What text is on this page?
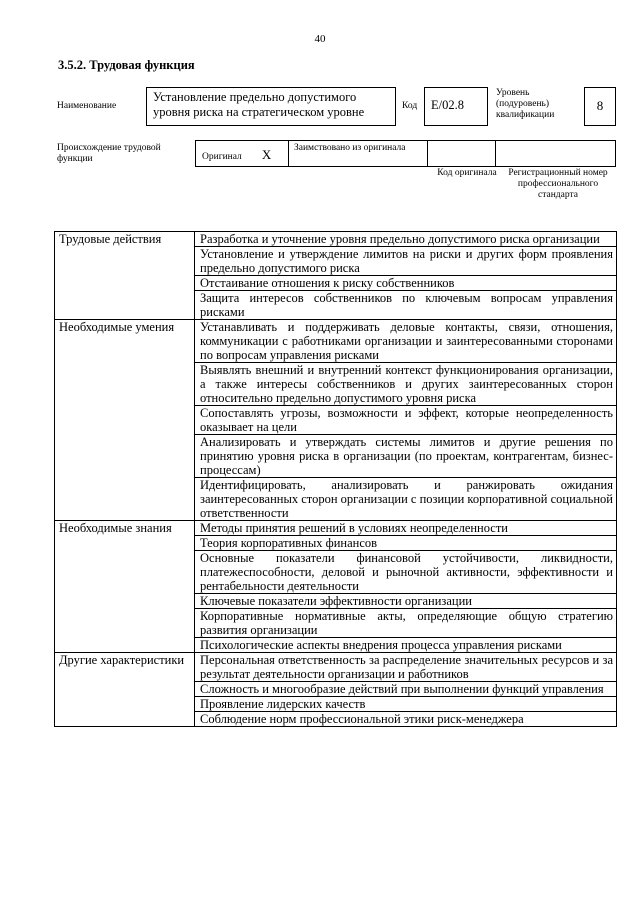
40
3.5.2. Трудовая функция
Наименование
Установление предельно допустимого уровня риска на стратегическом уровне	Код	E/02.8
Уровень (подуровень) квалификации
8
Происхождение трудовой функции	Оригинал X	Заимствовано из оригинала
Код оригинала	Регистрационный номер профессионального стандарта
Трудовые действия	Разработка и уточнение уровня предельно допустимого риска организации
	Установление и утверждение лимитов на риски и других форм проявления предельно допустимого риска
	Отстаивание отношения к риску собственников
	Защита интересов собственников по ключевым вопросам управления рисками
Необходимые умения	Устанавливать и поддерживать деловые контакты, связи, отношения, коммуникации с работниками организации и заинтересованными сторонами по вопросам управления рисками
	Выявлять внешний и внутренний контекст функционирования организации, а также интересы собственников и других заинтересованных сторон относительно предельно допустимого уровня риска
	Сопоставлять угрозы, возможности и эффект, которые неопределенность оказывает на цели
	Анализировать и утверждать системы лимитов и другие решения по принятию уровня риска в организации (по проектам, контрагентам, бизнес-процессам)
	Идентифицировать, анализировать и ранжировать ожидания заинтересованных сторон организации с позиции корпоративной социальной ответственности
Необходимые знания	Методы принятия решений в условиях неопределенности
	Теория корпоративных финансов
	Основные показатели финансовой устойчивости, ликвидности, платежеспособности, деловой и рыночной активности, эффективности и рентабельности деятельности
	Ключевые показатели эффективности организации
	Корпоративные нормативные акты, определяющие общую стратегию развития организации
	Психологические аспекты внедрения процесса управления рисками
Другие характеристики	Персональная ответственность за распределение значительных ресурсов и за результат деятельности организации и работников
	Сложность и многообразие действий при выполнении функций управления
	Проявление лидерских качеств
	Соблюдение норм профессиональной этики риск-менеджера
